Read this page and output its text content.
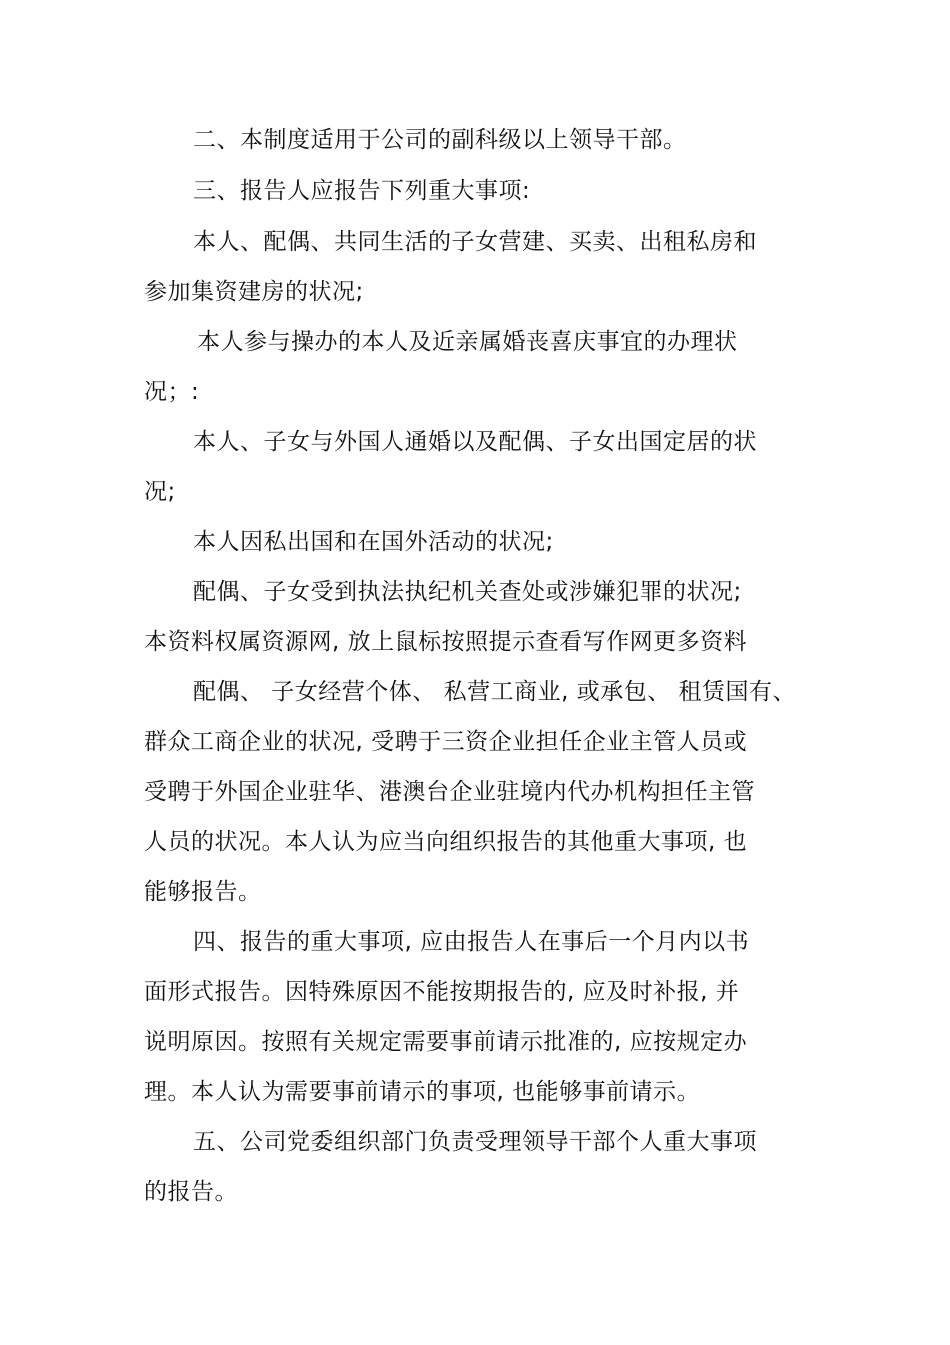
二、本制度适用于公司的副科级以上领导干部。
三、报告人应报告下列重大事项:
本人、配偶、共同生活的子女营建、买卖、出租私房和
参加集资建房的状况;
本人参与操办的本人及近亲属婚丧喜庆事宜的办理状
况；:
本人、子女与外国人通婚以及配偶、子女出国定居的状
况;
本人因私出国和在国外活动的状况;
配偶、子女受到执法执纪机关查处或涉嫌犯罪的状况;
本资料权属资源网, 放上鼠标按照提示查看写作网更多资料
配偶、 子女经营个体、 私营工商业, 或承包、 租赁国有、
群众工商企业的状况, 受聘于三资企业担任企业主管人员或
受聘于外国企业驻华、港澳台企业驻境内代办机构担任主管
人员的状况。本人认为应当向组织报告的其他重大事项, 也
能够报告。
四、报告的重大事项, 应由报告人在事后一个月内以书
面形式报告。因特殊原因不能按期报告的, 应及时补报, 并
说明原因。按照有关规定需要事前请示批准的, 应按规定办
理。本人认为需要事前请示的事项, 也能够事前请示。
五、公司党委组织部门负责受理领导干部个人重大事项
的报告。
